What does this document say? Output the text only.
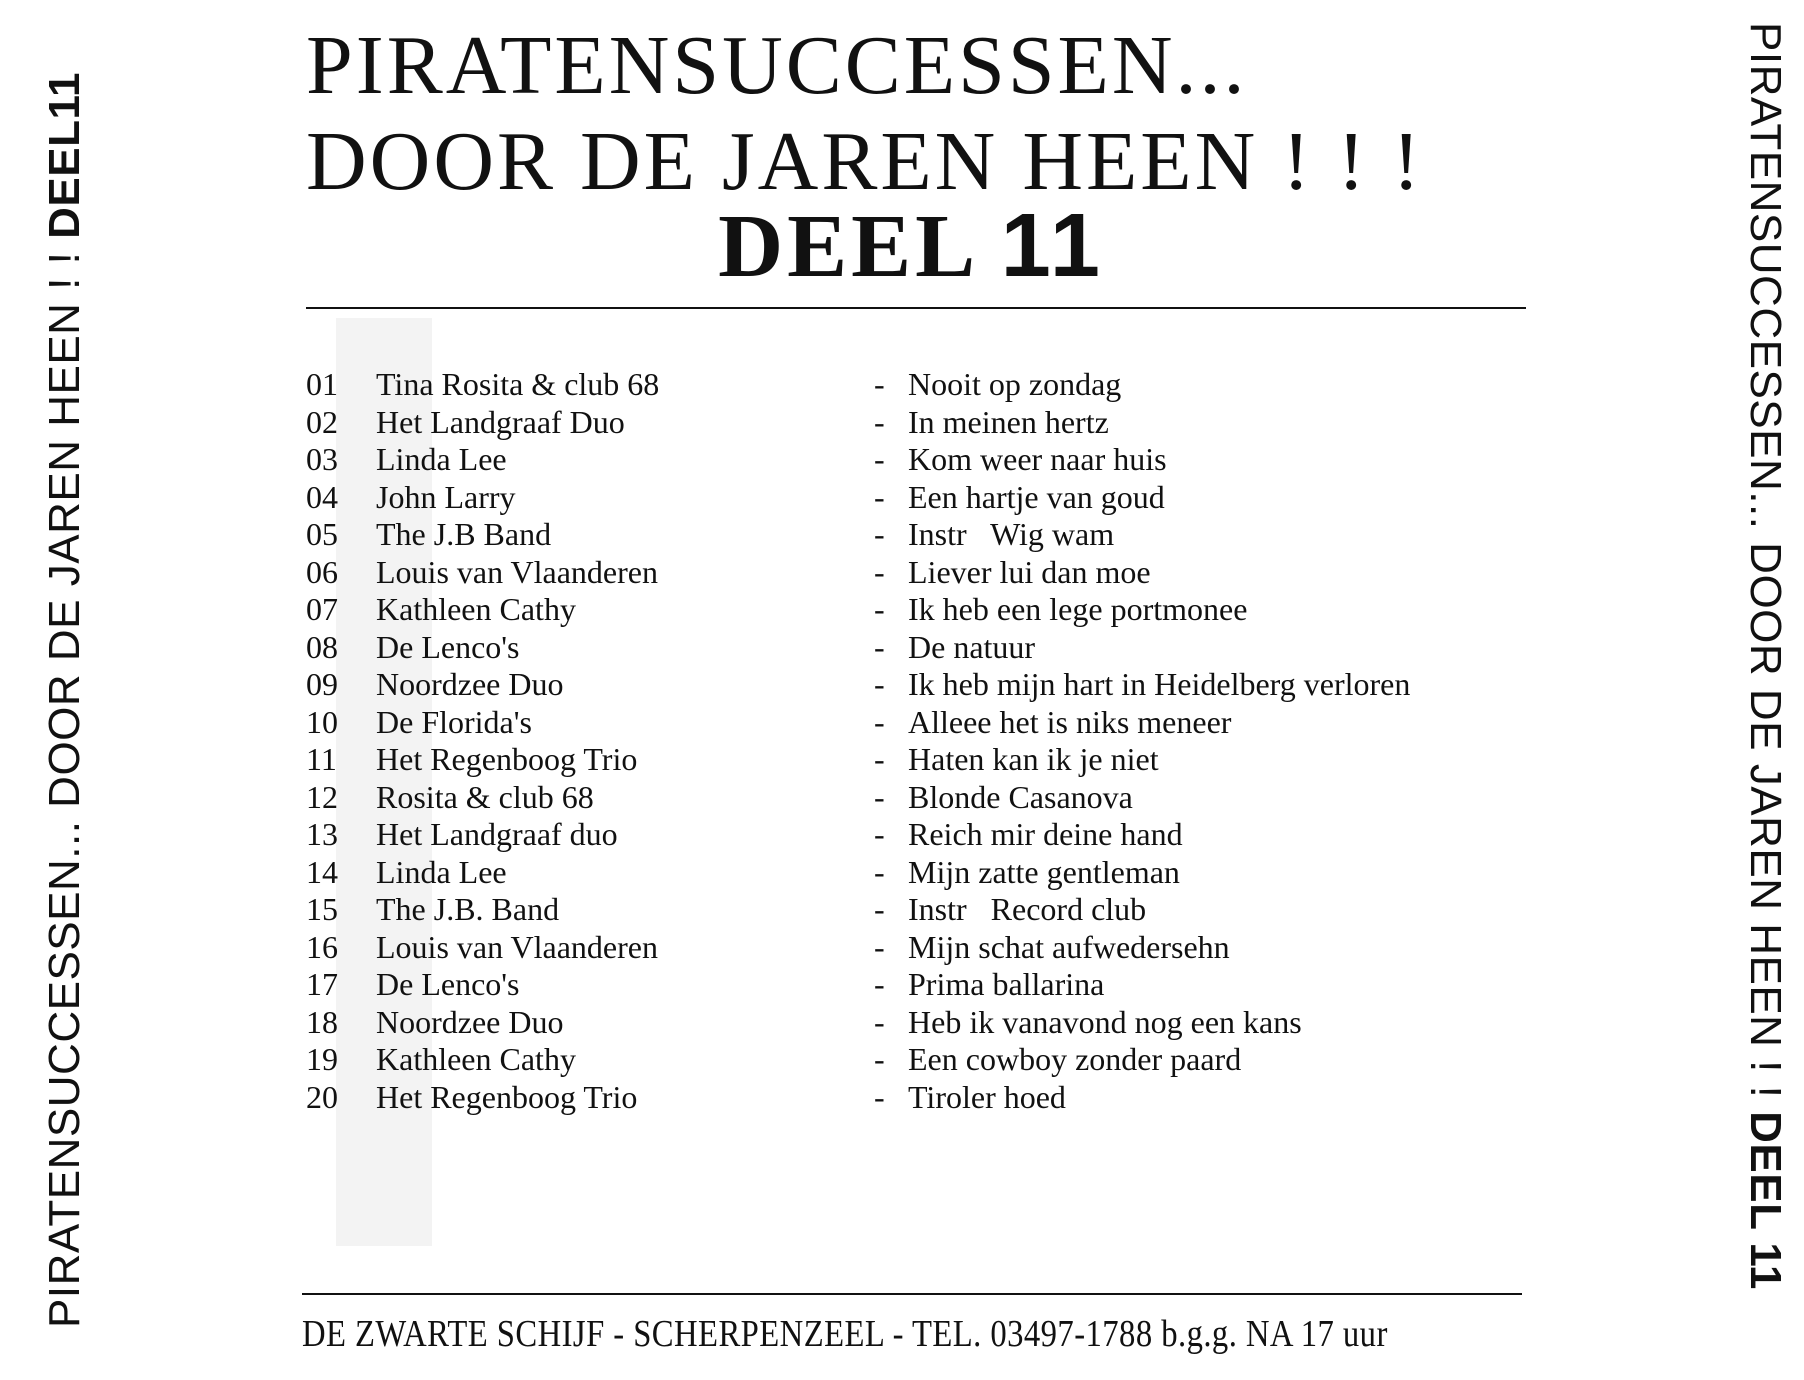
PIRATENSUCCESSEN... DOOR DE JAREN HEEN ! ! DEEL11	PIRATENSUCCESSEN... DOOR DE JAREN HEEN ! ! DEEL 11
PIRATENSUCCESSEN...
DOOR DE JAREN HEEN ! ! !
DEEL 11
01	Tina Rosita & club 68	- Nooit op zondag
02	Het Landgraaf Duo	- In meinen hertz
03	Linda Lee	- Kom weer naar huis
04	John Larry	- Een hartje van goud
05	The J.B Band	- Instr   Wig wam
06	Louis van Vlaanderen	- Liever lui dan moe
07	Kathleen Cathy	- Ik heb een lege portmonee
08	De Lenco's	- De natuur
09	Noordzee Duo	- Ik heb mijn hart in Heidelberg verloren
10	De Florida's	- Alleee het is niks meneer
11	Het Regenboog Trio	- Haten kan ik je niet
12	Rosita & club 68	- Blonde Casanova
13	Het Landgraaf duo	- Reich mir deine hand
14	Linda Lee	- Mijn zatte gentleman
15	The J.B. Band	- Instr   Record club
16	Louis van Vlaanderen	- Mijn schat aufwedersehn
17	De Lenco's	- Prima ballarina
18	Noordzee Duo	- Heb ik vanavond nog een kans
19	Kathleen Cathy	- Een cowboy zonder paard
20	Het Regenboog Trio	- Tiroler hoed
DE ZWARTE SCHIJF - SCHERPENZEEL - TEL. 03497-1788 b.g.g. NA 17 uur
